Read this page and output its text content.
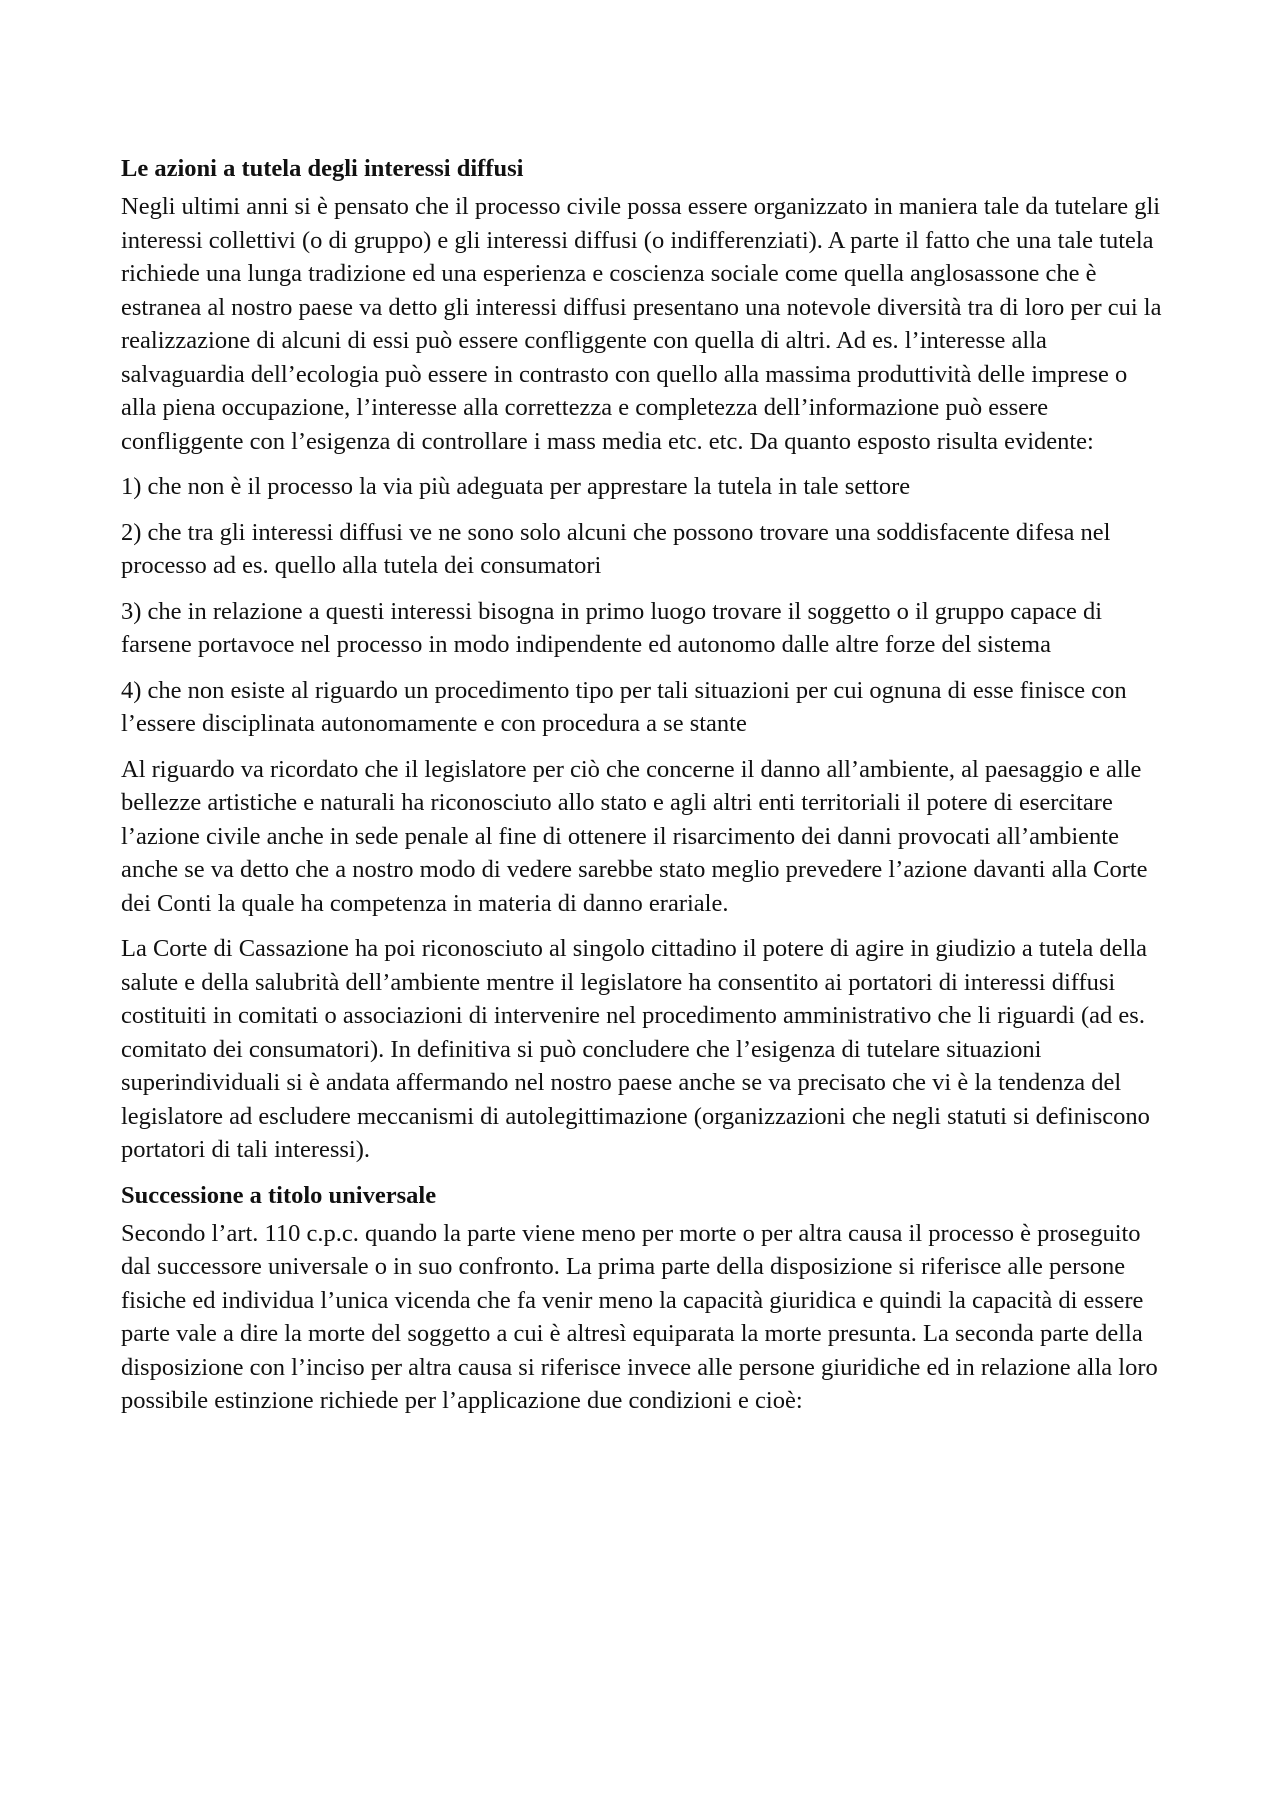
Le azioni a tutela degli interessi diffusi

Negli ultimi anni si è pensato che il processo civile possa essere organizzato in maniera tale da tutelare gli interessi collettivi (o di gruppo) e gli interessi diffusi (o indifferenziati). A parte il fatto che una tale tutela richiede una lunga tradizione ed una esperienza e coscienza sociale come quella anglosassone che è estranea al nostro paese va detto gli interessi diffusi presentano una notevole diversità tra di loro per cui la realizzazione di alcuni di essi può essere confliggente con quella di altri. Ad es. l’interesse alla salvaguardia dell’ecologia può essere in contrasto con quello alla massima produttività delle imprese o alla piena occupazione, l’interesse alla correttezza e completezza dell’informazione può essere confliggente con l’esigenza di controllare i mass media etc. etc. Da quanto esposto risulta evidente:

1) che non è il processo la via più adeguata per apprestare la tutela in tale settore

2) che tra gli interessi diffusi ve ne sono solo alcuni che possono trovare una soddisfacente difesa nel processo ad es. quello alla tutela dei consumatori

3) che in relazione a questi interessi bisogna in primo luogo trovare il soggetto o il gruppo capace di farsene portavoce nel processo in modo indipendente ed autonomo dalle altre forze del sistema

4) che non esiste al riguardo un procedimento tipo per tali situazioni per cui ognuna di esse finisce con l’essere disciplinata autonomamente e con procedura a se stante

Al riguardo va ricordato che il legislatore per ciò che concerne il danno all’ambiente, al paesaggio e alle bellezze artistiche e naturali ha riconosciuto allo stato e agli altri enti territoriali il potere di esercitare l’azione civile anche in sede penale al fine di ottenere il risarcimento dei danni provocati all’ambiente anche se va detto che a nostro modo di vedere sarebbe stato meglio prevedere l’azione davanti alla Corte dei Conti la quale ha competenza in materia di danno erariale.

La Corte di Cassazione ha poi riconosciuto al singolo cittadino il potere di agire in giudizio a tutela della salute e della salubrità dell’ambiente mentre il legislatore ha consentito ai portatori di interessi diffusi costituiti in comitati o associazioni di intervenire nel procedimento amministrativo che li riguardi (ad es. comitato dei consumatori). In definitiva si può concludere che l’esigenza di tutelare situazioni superindividuali si è andata affermando nel nostro paese anche se va precisato che vi è la tendenza del legislatore ad escludere meccanismi di autolegittimazione (organizzazioni che negli statuti si definiscono portatori di tali interessi).

Successione a titolo universale

Secondo l’art. 110 c.p.c. quando la parte viene meno per morte o per altra causa il processo è proseguito dal successore universale o in suo confronto. La prima parte della disposizione si riferisce alle persone fisiche ed individua l’unica vicenda che fa venir meno la capacità giuridica e quindi la capacità di essere parte vale a dire la morte del soggetto a cui è altresì equiparata la morte presunta. La seconda parte della disposizione con l’inciso per altra causa si riferisce invece alle persone giuridiche ed in relazione alla loro possibile estinzione richiede per l’applicazione due condizioni e cioè:
